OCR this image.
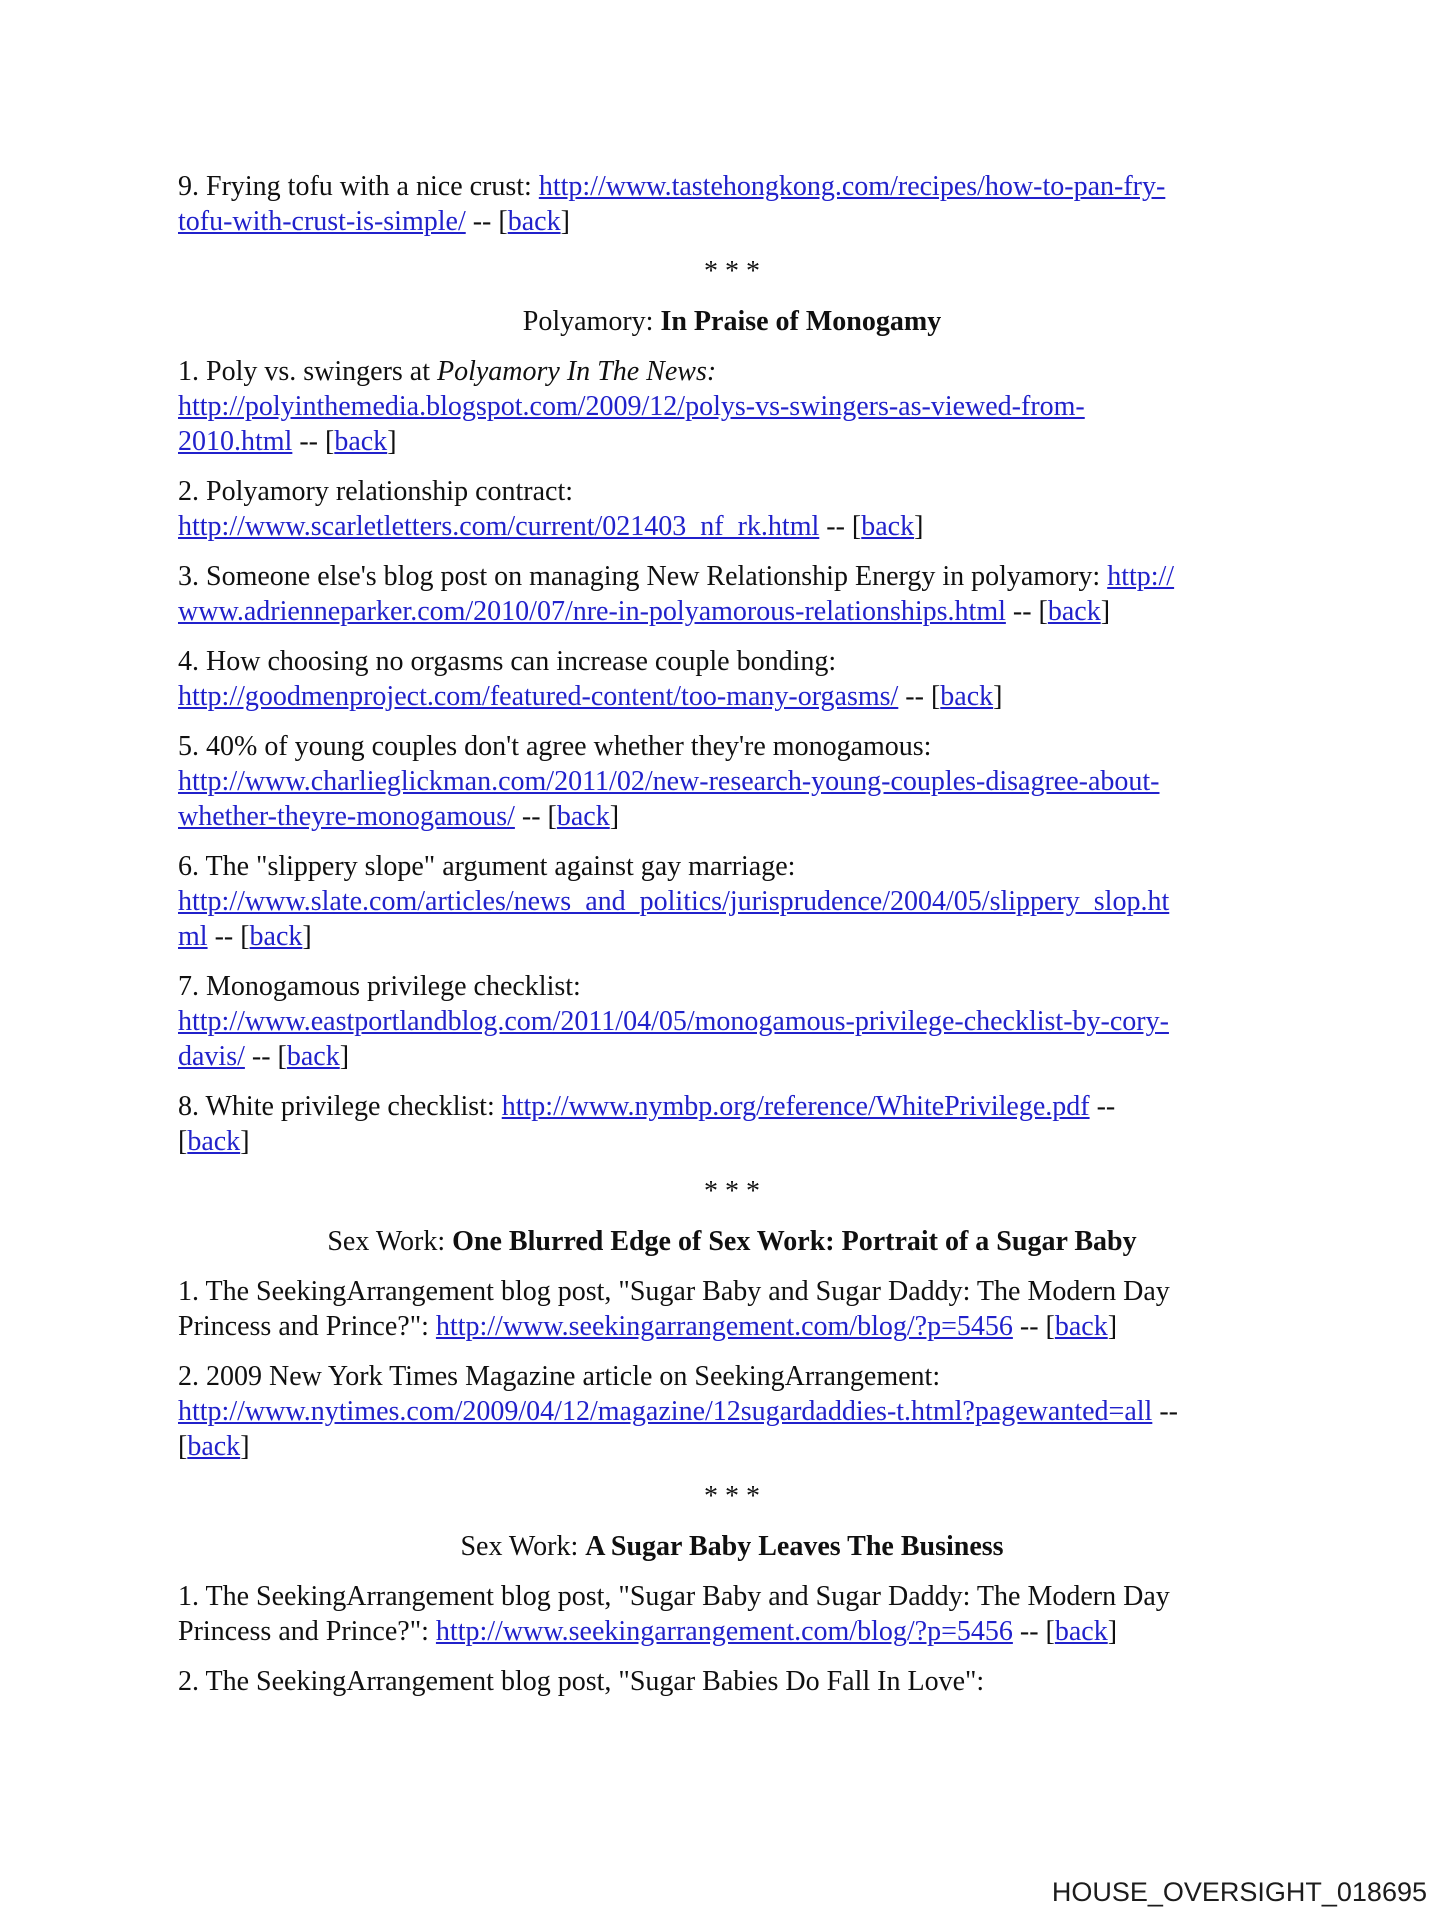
9. Frying tofu with a nice crust: http://www.tastehongkong.com/recipes/how-to-pan-fry-
tofu-with-crust-is-simple/ -- [back]
* * *
Polyamory: In Praise of Monogamy
1. Poly vs. swingers at Polyamory In The News:
http://polyinthemedia.blogspot.com/2009/12/polys-vs-swingers-as-viewed-from-
2010.html -- [back]
2. Polyamory relationship contract:
http://www.scarletletters.com/current/021403_nf_rk.html -- [back]
3. Someone else's blog post on managing New Relationship Energy in polyamory: http://
www.adrienneparker.com/2010/07/nre-in-polyamorous-relationships.html -- [back]
4. How choosing no orgasms can increase couple bonding:
http://goodmenproject.com/featured-content/too-many-orgasms/ -- [back]
5. 40% of young couples don't agree whether they're monogamous:
http://www.charlieglickman.com/2011/02/new-research-young-couples-disagree-about-
whether-theyre-monogamous/ -- [back]
6. The "slippery slope" argument against gay marriage:
http://www.slate.com/articles/news_and_politics/jurisprudence/2004/05/slippery_slop.ht
ml -- [back]
7. Monogamous privilege checklist:
http://www.eastportlandblog.com/2011/04/05/monogamous-privilege-checklist-by-cory-
davis/ -- [back]
8. White privilege checklist: http://www.nymbp.org/reference/WhitePrivilege.pdf --
[back]
* * *
Sex Work: One Blurred Edge of Sex Work: Portrait of a Sugar Baby
1. The SeekingArrangement blog post, "Sugar Baby and Sugar Daddy: The Modern Day
Princess and Prince?": http://www.seekingarrangement.com/blog/?p=5456 -- [back]
2. 2009 New York Times Magazine article on SeekingArrangement:
http://www.nytimes.com/2009/04/12/magazine/12sugardaddies-t.html?pagewanted=all --
[back]
* * *
Sex Work: A Sugar Baby Leaves The Business
1. The SeekingArrangement blog post, "Sugar Baby and Sugar Daddy: The Modern Day
Princess and Prince?": http://www.seekingarrangement.com/blog/?p=5456 -- [back]
2. The SeekingArrangement blog post, "Sugar Babies Do Fall In Love":
HOUSE_OVERSIGHT_018695
